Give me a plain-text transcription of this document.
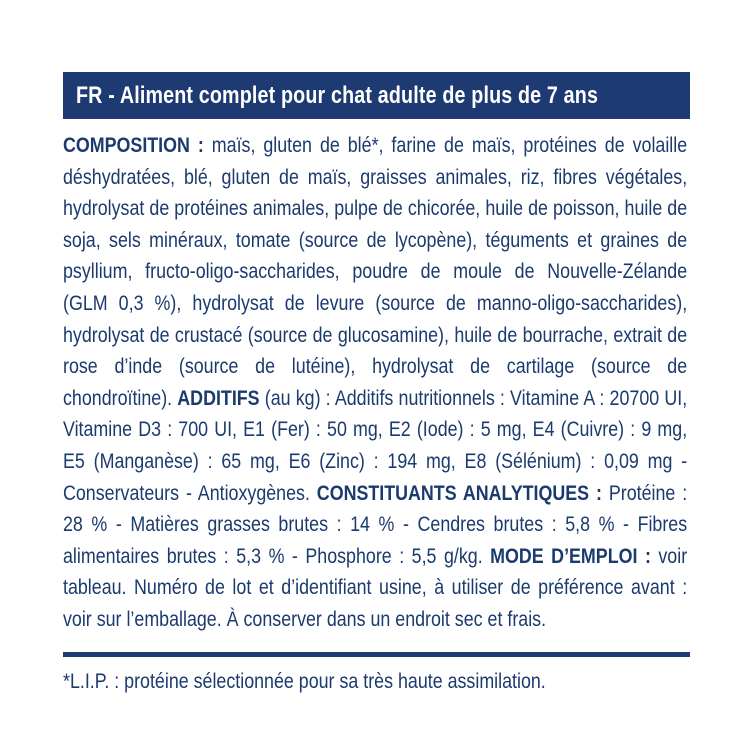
FR - Aliment complet pour chat adulte de plus de 7 ans
COMPOSITION : maïs, gluten de blé*, farine de maïs, protéines de volaille déshydratées, blé, gluten de maïs, graisses animales, riz, fibres végétales, hydrolysat de protéines animales, pulpe de chicorée, huile de poisson, huile de soja, sels minéraux, tomate (source de lycopène), téguments et graines de psyllium, fructo-oligo-saccharides, poudre de moule de Nouvelle-Zélande (GLM 0,3 %), hydrolysat de levure (source de manno-oligo-saccharides), hydrolysat de crustacé (source de glucosamine), huile de bourrache, extrait de rose d’inde (source de lutéine), hydrolysat de cartilage (source de chondroïtine). ADDITIFS (au kg) : Additifs nutritionnels : Vitamine A : 20700 UI, Vitamine D3 : 700 UI, E1 (Fer) : 50 mg, E2 (Iode) : 5 mg, E4 (Cuivre) : 9 mg, E5 (Manganèse) : 65 mg, E6 (Zinc) : 194 mg, E8 (Sélénium) : 0,09 mg - Conservateurs - Antioxygènes. CONSTITUANTS ANALYTIQUES : Protéine : 28 % - Matières grasses brutes : 14 % - Cendres brutes : 5,8 % - Fibres alimentaires brutes : 5,3 % - Phosphore : 5,5 g/kg. MODE D’EMPLOI : voir tableau. Numéro de lot et d’identifiant usine, à utiliser de préférence avant : voir sur l’emballage. À conserver dans un endroit sec et frais.
*L.I.P. : protéine sélectionnée pour sa très haute assimilation.
